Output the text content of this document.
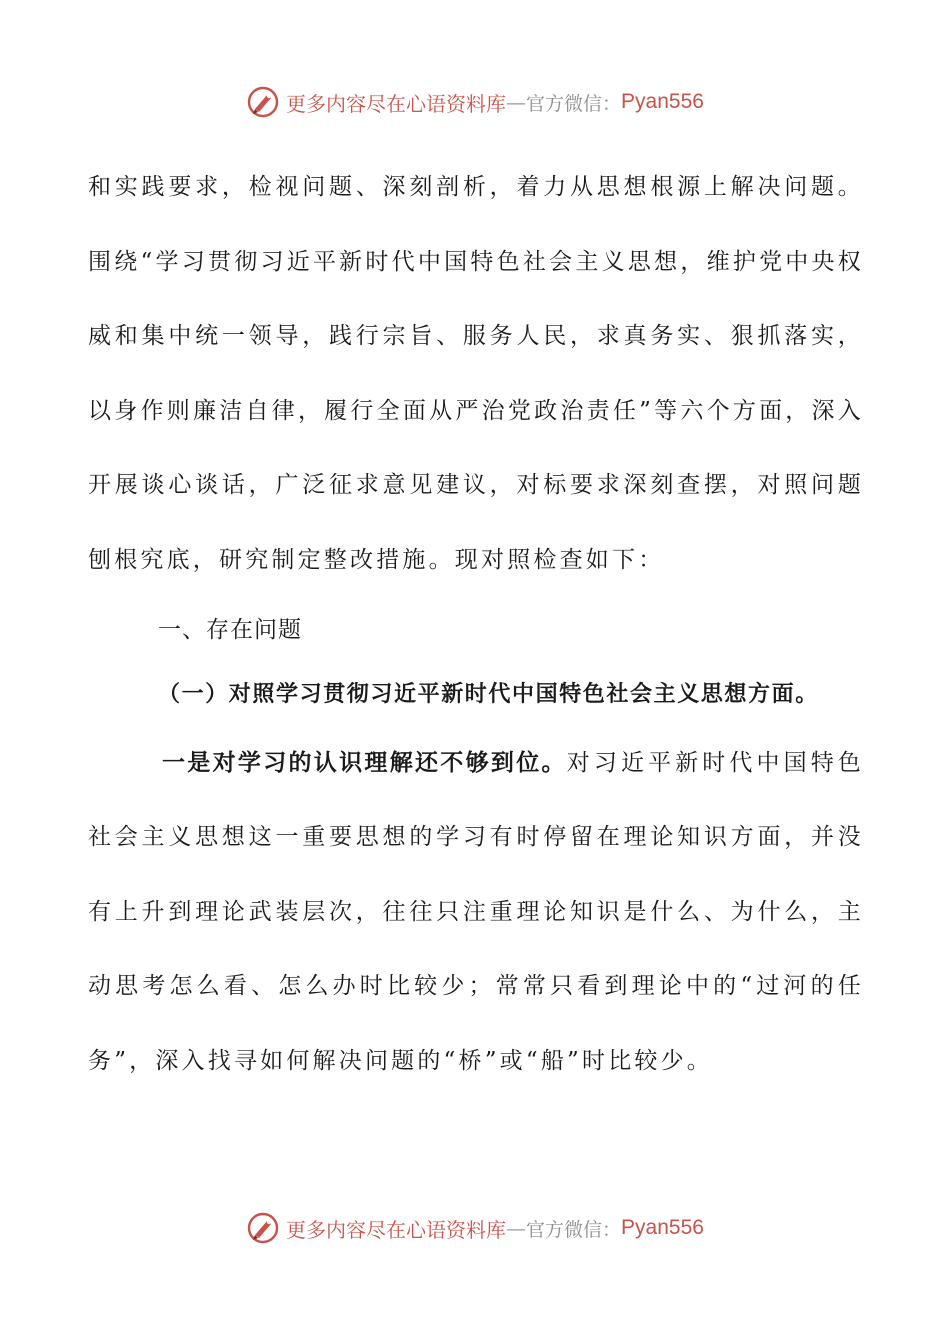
更多内容尽在心语资料库 — 官方微信： Pyan556

和实践要求，检视问题、深刻剖析，着力从思想根源上解决问题。围绕“学习贯彻习近平新时代中国特色社会主义思想，维护党中央权威和集中统一领导，践行宗旨、服务人民，求真务实、狠抓落实，以身作则廉洁自律，履行全面从严治党政治责任”等六个方面，深入开展谈心谈话，广泛征求意见建议，对标要求深刻查摆，对照问题刨根究底，研究制定整改措施。现对照检查如下：

一、存在问题

（一）对照学习贯彻习近平新时代中国特色社会主义思想方面。

一是对学习的认识理解还不够到位。对习近平新时代中国特色社会主义思想这一重要思想的学习有时停留在理论知识方面，并没有上升到理论武装层次，往往只注重理论知识是什么、为什么，主动思考怎么看、怎么办时比较少；常常只看到理论中的“过河的任务”，深入找寻如何解决问题的“桥”或“船”时比较少。

更多内容尽在心语资料库 — 官方微信： Pyan556
